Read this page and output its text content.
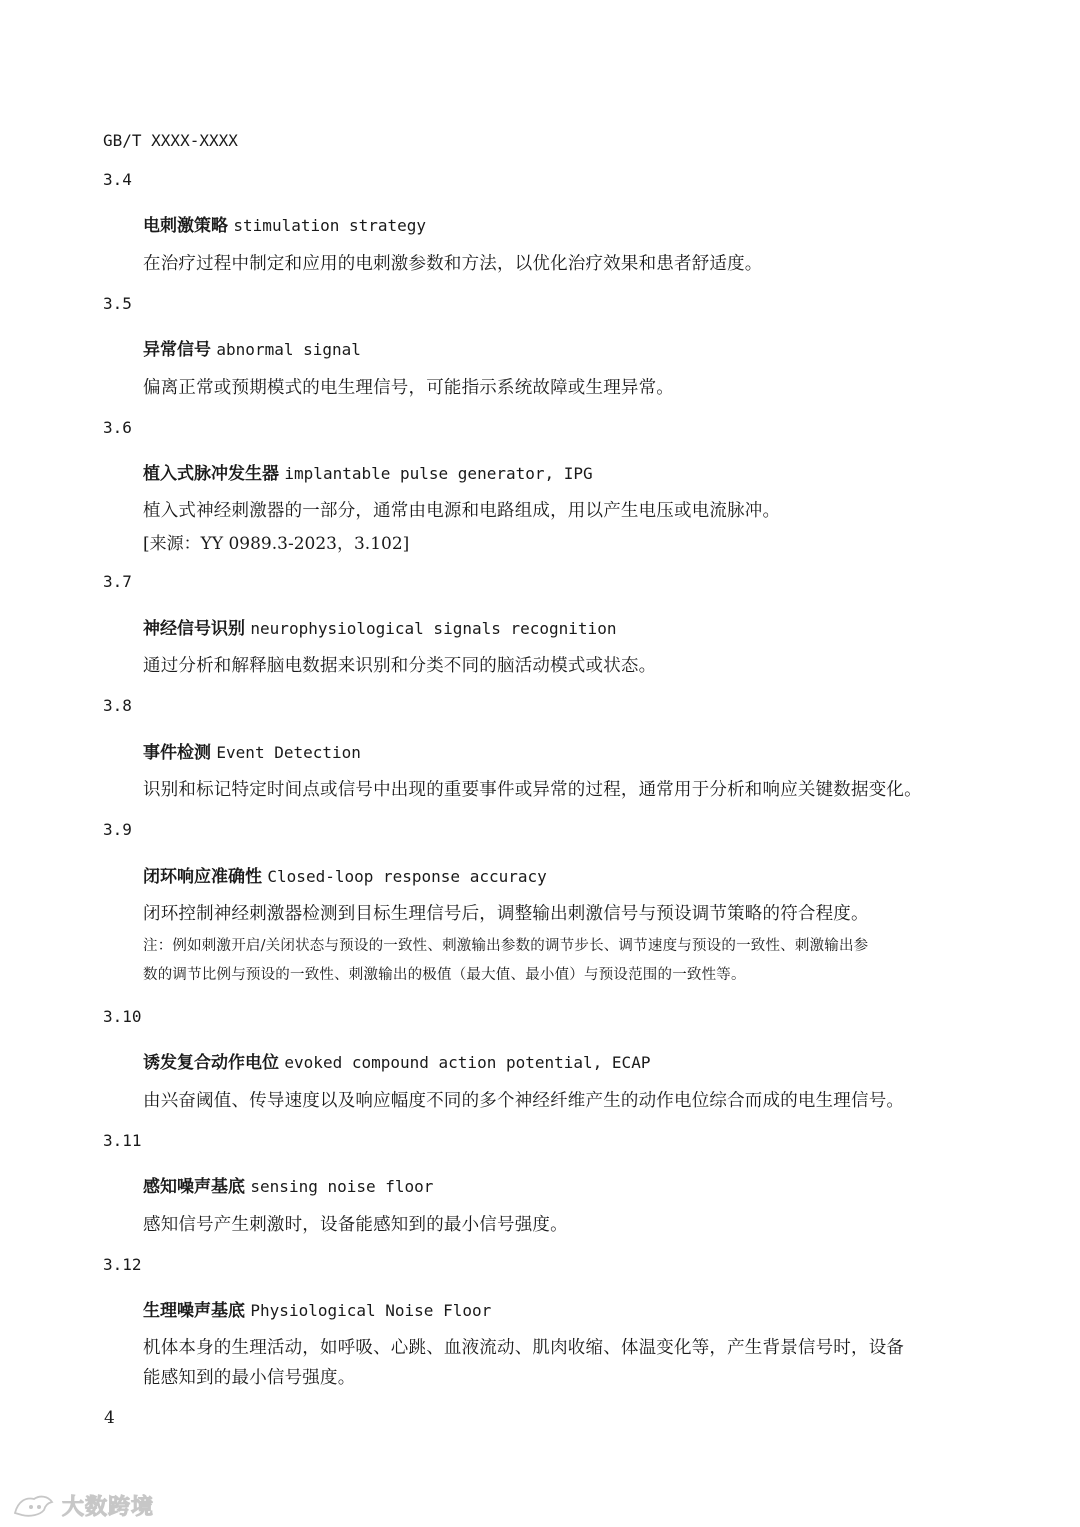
GB/T XXXX-XXXX
3.4
电刺激策略 stimulation strategy
在治疗过程中制定和应用的电刺激参数和方法，以优化治疗效果和患者舒适度。
3.5
异常信号 abnormal signal
偏离正常或预期模式的电生理信号，可能指示系统故障或生理异常。
3.6
植入式脉冲发生器 implantable pulse generator, IPG
植入式神经刺激器的一部分，通常由电源和电路组成，用以产生电压或电流脉冲。
[来源：YY 0989.3-2023，3.102]
3.7
神经信号识别 neurophysiological signals recognition
通过分析和解释脑电数据来识别和分类不同的脑活动模式或状态。
3.8
事件检测 Event Detection
识别和标记特定时间点或信号中出现的重要事件或异常的过程，通常用于分析和响应关键数据变化。
3.9
闭环响应准确性 Closed-loop response accuracy
闭环控制神经刺激器检测到目标生理信号后，调整输出刺激信号与预设调节策略的符合程度。
注：例如刺激开启/关闭状态与预设的一致性、刺激输出参数的调节步长、调节速度与预设的一致性、刺激输出参
数的调节比例与预设的一致性、刺激输出的极值（最大值、最小值）与预设范围的一致性等。
3.10
诱发复合动作电位 evoked compound action potential, ECAP
由兴奋阈值、传导速度以及响应幅度不同的多个神经纤维产生的动作电位综合而成的电生理信号。
3.11
感知噪声基底 sensing noise floor
感知信号产生刺激时，设备能感知到的最小信号强度。
3.12
生理噪声基底 Physiological Noise Floor
机体本身的生理活动，如呼吸、心跳、血液流动、肌肉收缩、体温变化等，产生背景信号时，设备
能感知到的最小信号强度。
4
大数跨境
